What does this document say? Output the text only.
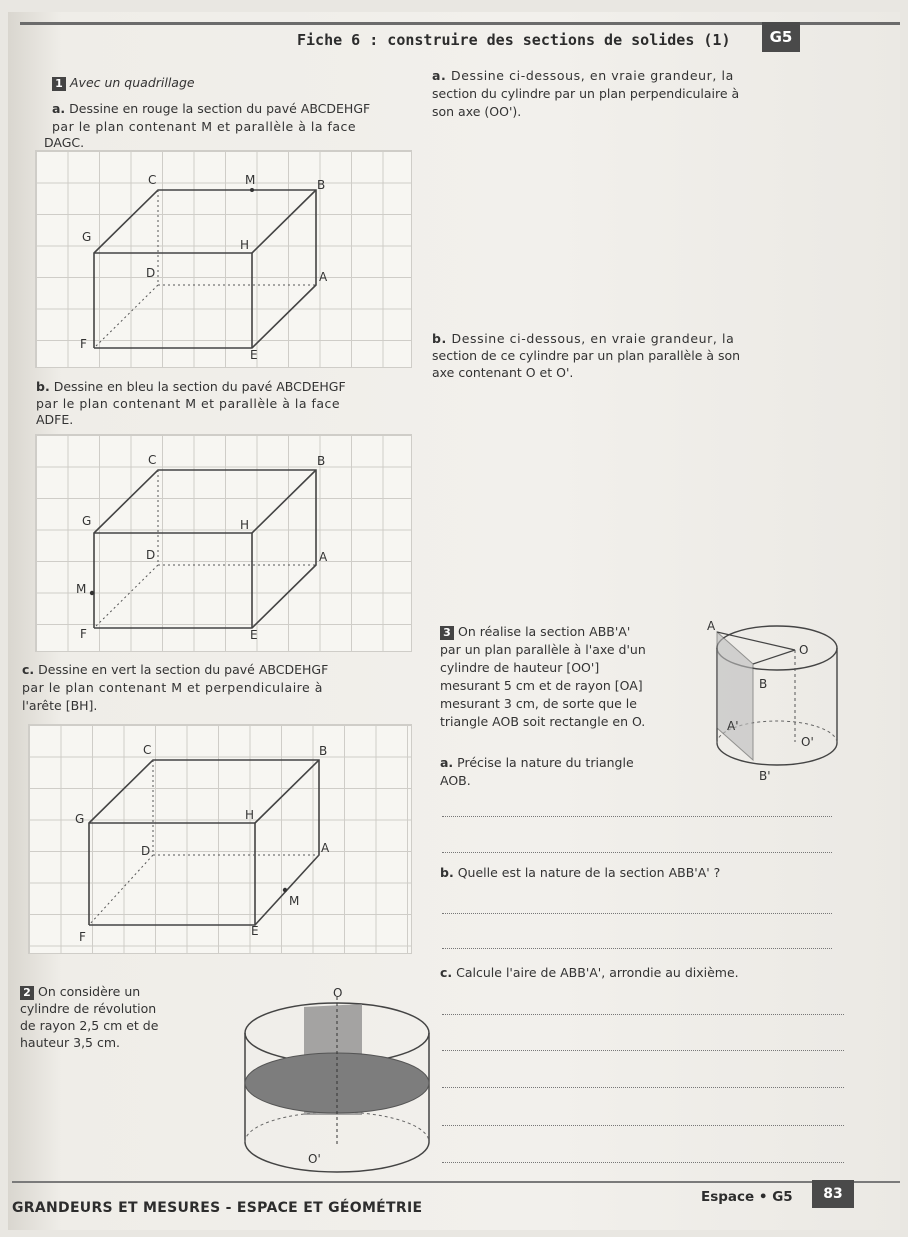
Fiche 6 : construire des sections de solides (1)	G5
1 Avec un quadrillage
a. Dessine en rouge la section du pavé ABCDEHGF
par le plan contenant M et parallèle à la face
DAGC.
C	M	B
G
H
D	A
F
E
b. Dessine en bleu la section du pavé ABCDEHGF
par le plan contenant M et parallèle à la face
ADFE.
C	B
G	H
D	A
M
F	E
c. Dessine en vert la section du pavé ABCDEHGF
par le plan contenant M et perpendiculaire à
l'arête [BH].
C	B
G	H
D	A
M
F	E
2 On considère un
cylindre de révolution
de rayon 2,5 cm et de
hauteur 3,5 cm.
O
O'
a. Dessine ci-dessous, en vraie grandeur, la
section du cylindre par un plan perpendiculaire à
son axe (OO').
b. Dessine ci-dessous, en vraie grandeur, la
section de ce cylindre par un plan parallèle à son
axe contenant O et O'.
3 On réalise la section ABB'A'
par un plan parallèle à l'axe d'un
cylindre de hauteur [OO']
mesurant 5 cm et de rayon [OA]
mesurant 3 cm, de sorte que le
triangle AOB soit rectangle en O.
A
O
B
A'
O'
B'
a. Précise la nature du triangle
AOB.
b. Quelle est la nature de la section ABB'A' ?
c. Calcule l'aire de ABB'A', arrondie au dixième.
GRANDEURS ET MESURES - ESPACE ET GÉOMÉTRIE
Espace • G5	83
